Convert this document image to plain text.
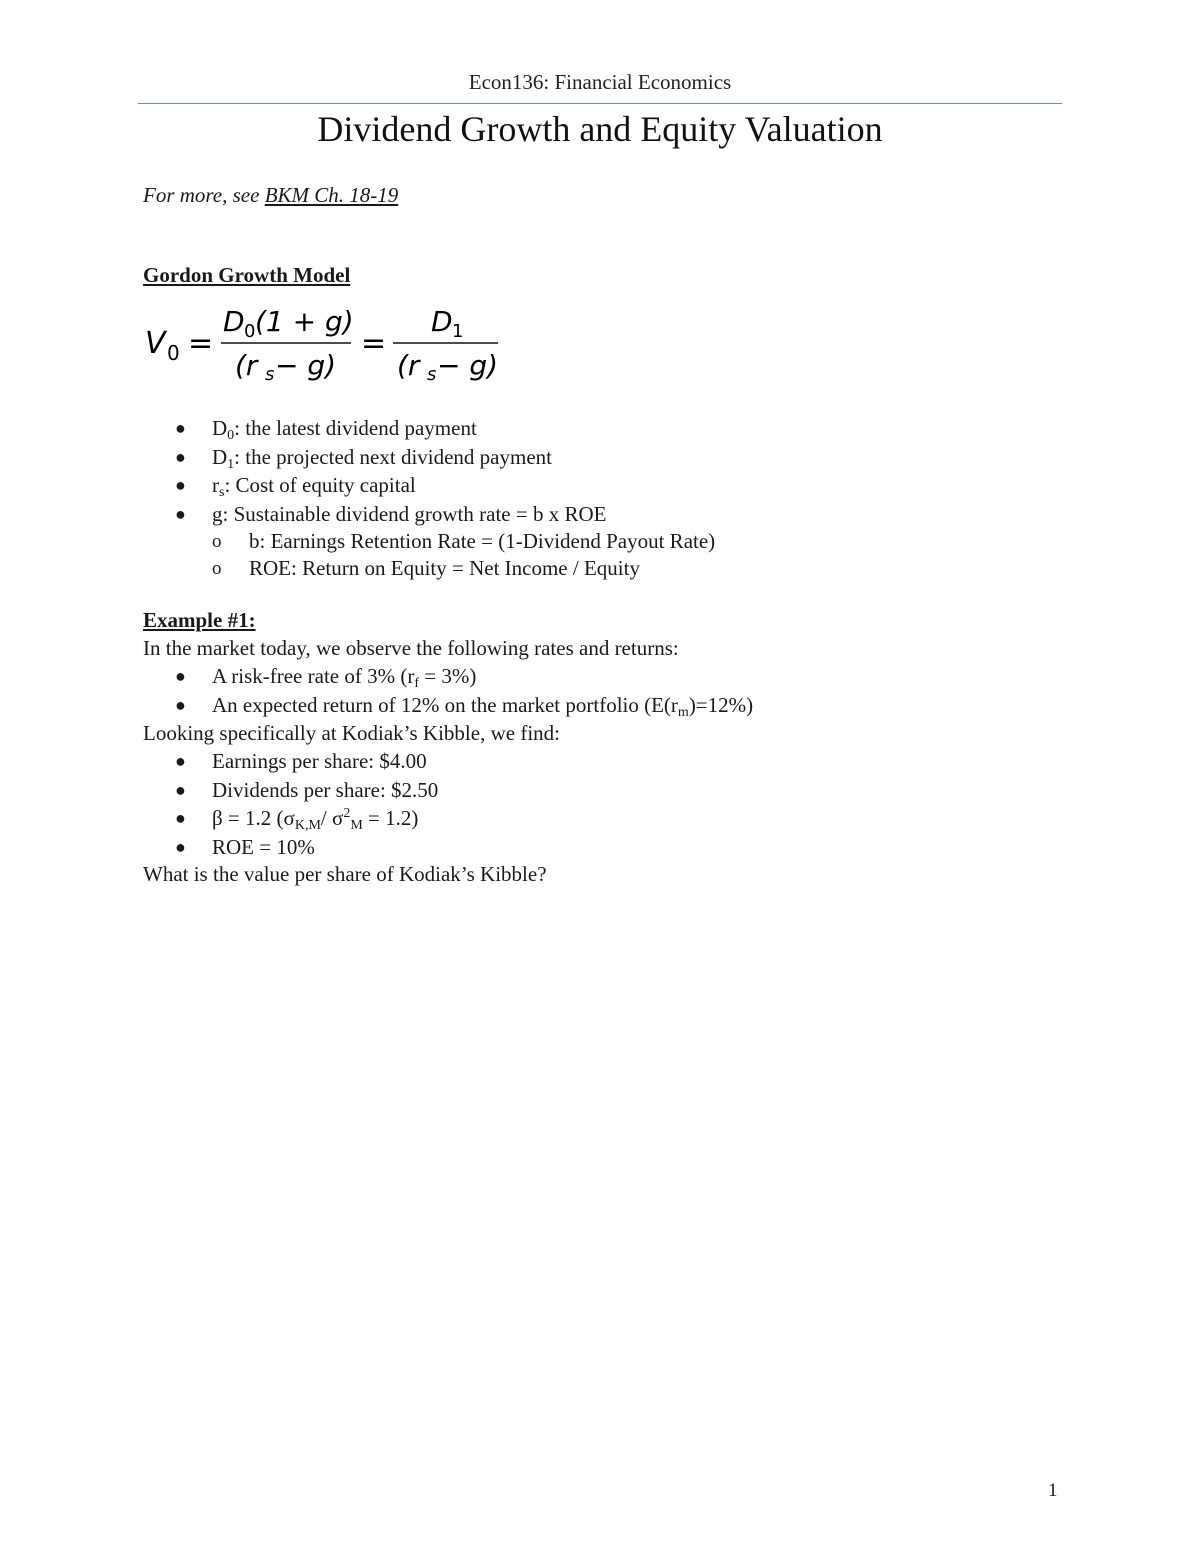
Econ136: Financial Economics
Dividend Growth and Equity Valuation
For more, see BKM Ch. 18-19
Gordon Growth Model
V 0 =
D 0 (1 + g)
(r s − g)
=
D 1
(r s − g)
●	$D_0$: the latest dividend payment
●	$D_1$: the projected next dividend payment
●	$r_s$: Cost of equity capital
●	g: Sustainable dividend growth rate = b x ROE
o b: Earnings Retention Rate = (1-Dividend Payout Rate)
o ROE: Return on Equity = Net Income / Equity
Example #1:
In the market today, we observe the following rates and returns:
●	A risk-free rate of 3% $(r_f = 3\%)$
●	An expected return of 12% on the market portfolio $(E(r_m)=12\%)$
Looking specifically at Kodiak’s Kibble, we find:
●	Earnings per share: $4.00
●	Dividends per share: $2.50
●	β = 1.2 ($\sigma_{K,M}/$ $\sigma^2_M = 1.2$)
●	ROE = 10%
What is the value per share of Kodiak’s Kibble?
1
